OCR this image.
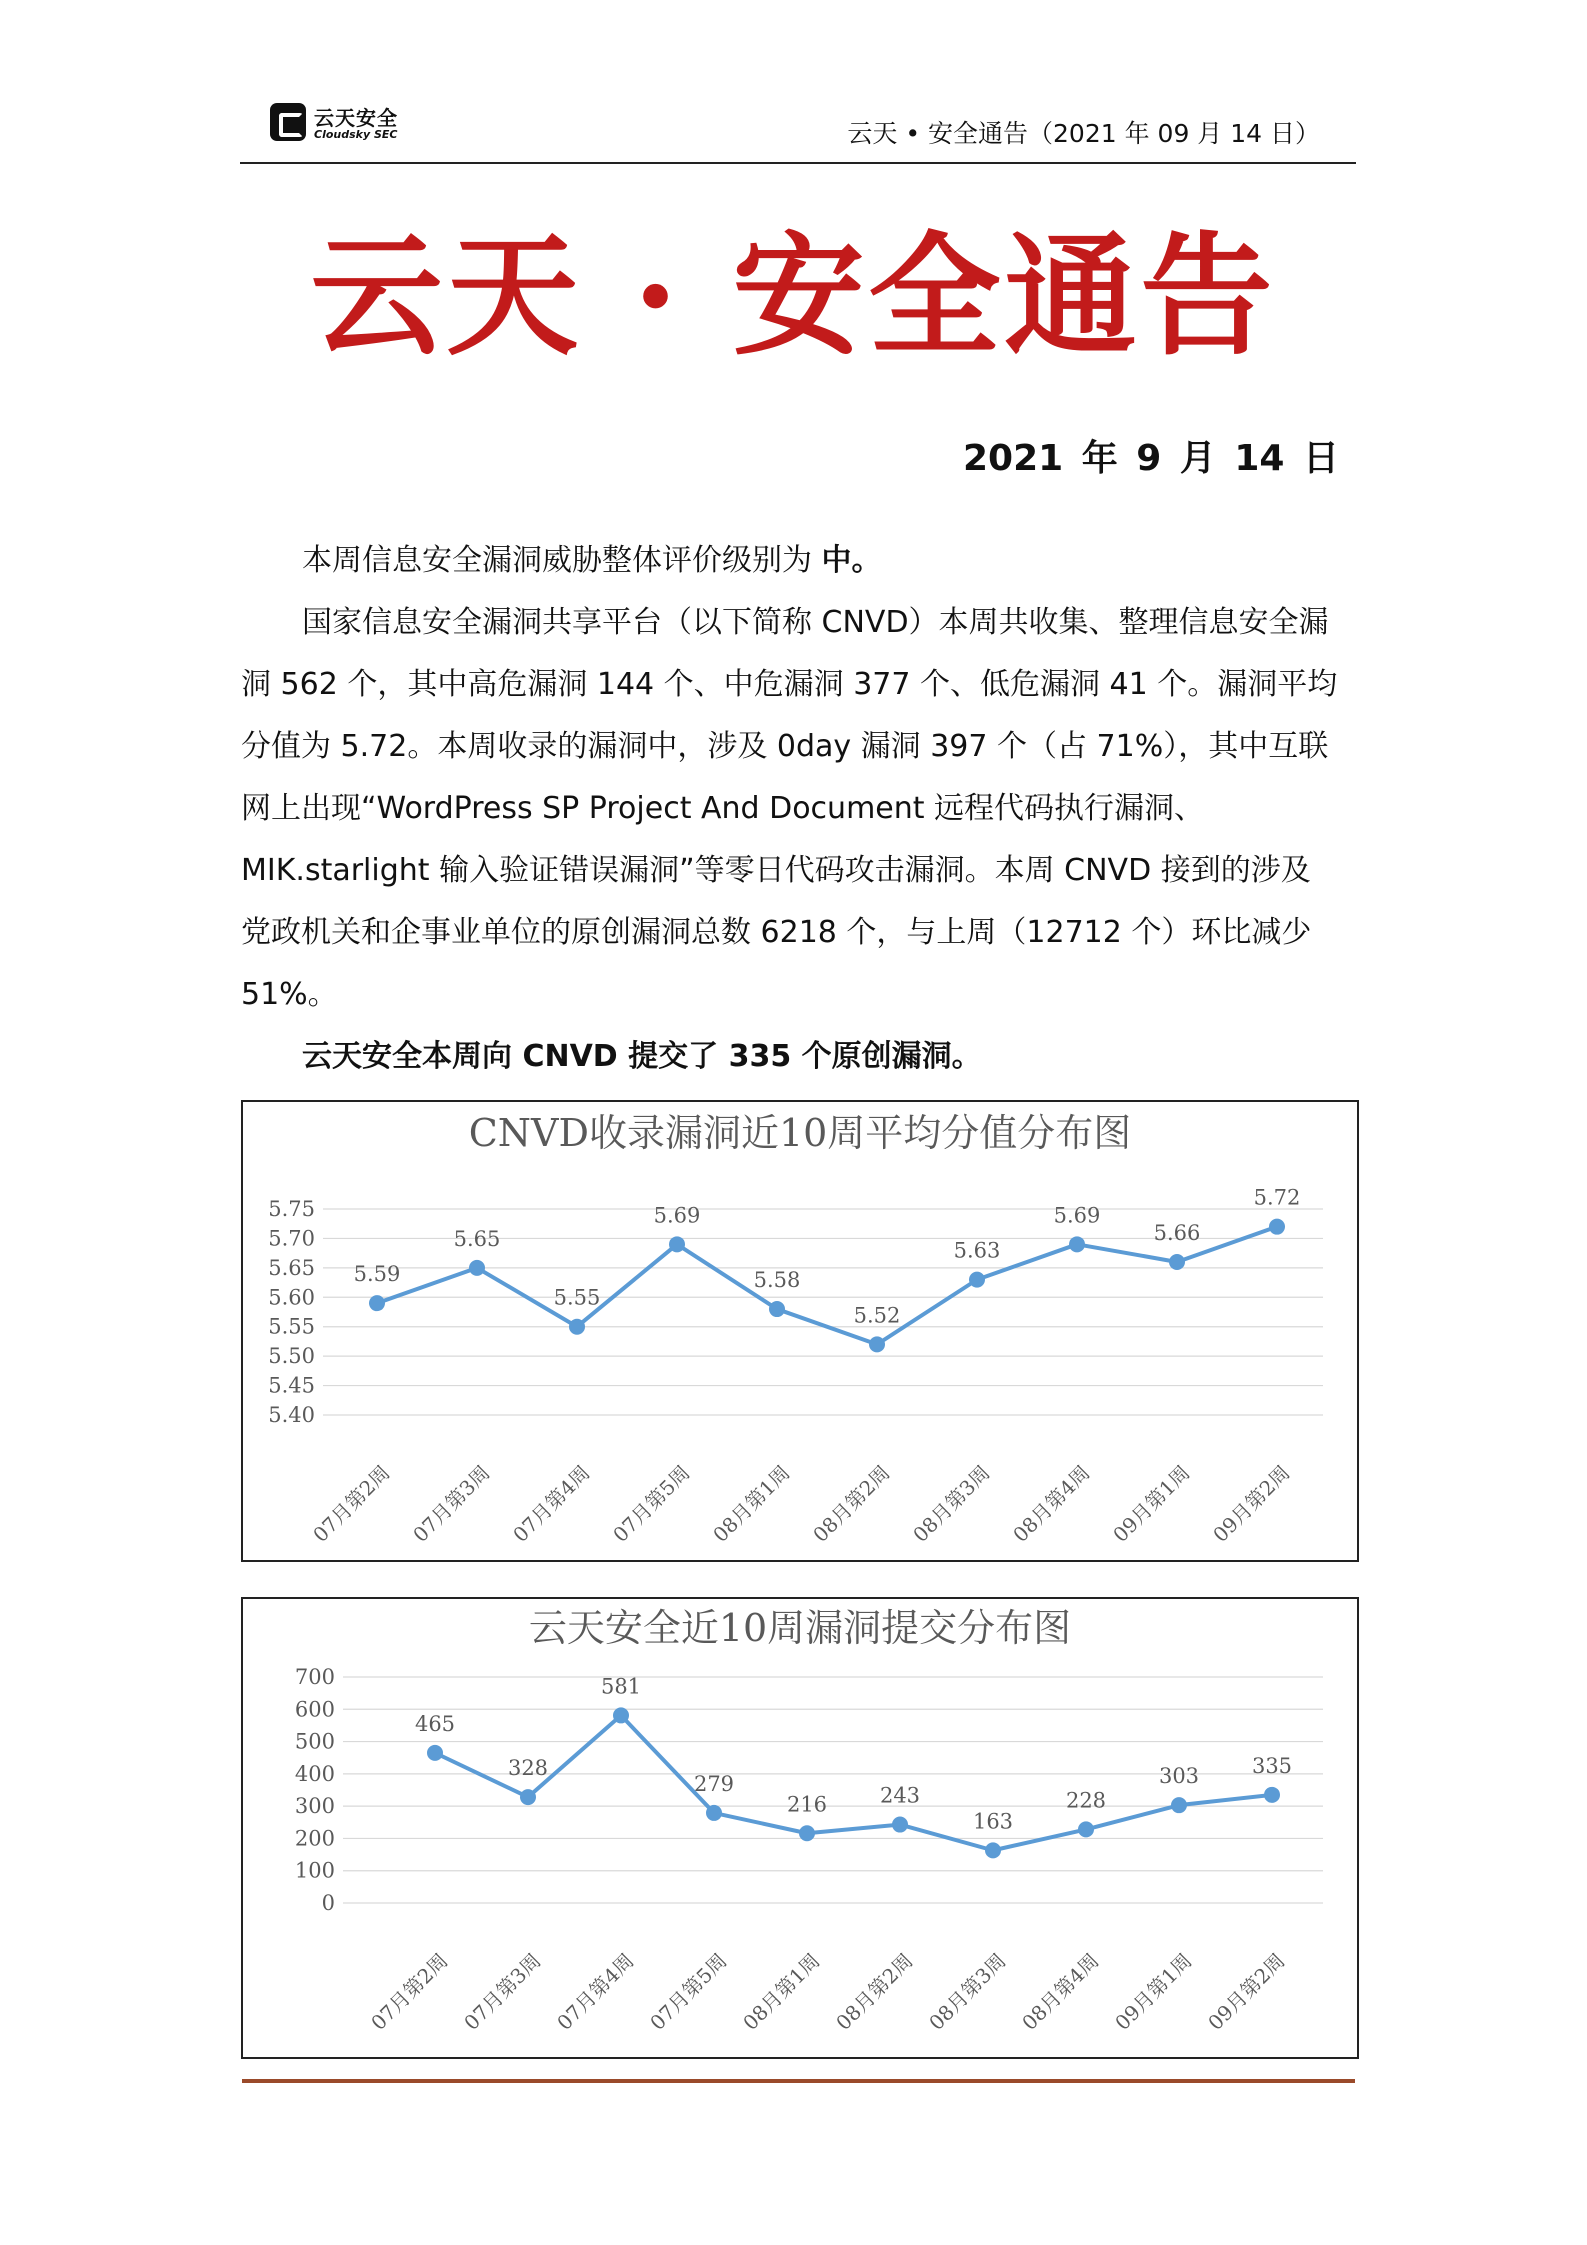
云天安全
Cloudsky SEC	云天 • 安全通告（2021 年 09 月 14 日）
云天 · 安全通告
2021 年 9 月 14 日

本周信息安全漏洞威胁整体评价级别为 中。

国家信息安全漏洞共享平台（以下简称 CNVD）本周共收集、整理信息安全漏洞 562 个，其中高危漏洞 144 个、中危漏洞 377 个、低危漏洞 41 个。漏洞平均分值为 5.72。本周收录的漏洞中，涉及 0day 漏洞 397 个（占 71%），其中互联网上出现“WordPress SP Project And Document 远程代码执行漏洞、MIK.starlight 输入验证错误漏洞”等零日代码攻击漏洞。本周 CNVD 接到的涉及党政机关和企事业单位的原创漏洞总数 6218 个，与上周（12712 个）环比减少 51%。

云天安全本周向 CNVD 提交了 335 个原创漏洞。

CNVD收录漏洞近10周平均分值分布图
5.75
5.70
5.65
5.60
5.55
5.50
5.45
5.40
5.59
5.65
5.55
5.69
5.58
5.52
5.63
5.69
5.66
5.72
07月第2周 07月第3周 07月第4周 07月第5周 08月第1周 08月第2周 08月第3周 08月第4周 09月第1周 09月第2周
云天安全近10周漏洞提交分布图
700
600
500
400
300
200
100
0
465
328
581
279
216	243
163
228
303	335
07月第2周 07月第3周 07月第4周 07月第5周 08月第1周 08月第2周 08月第3周 08月第4周 09月第1周 09月第2周
